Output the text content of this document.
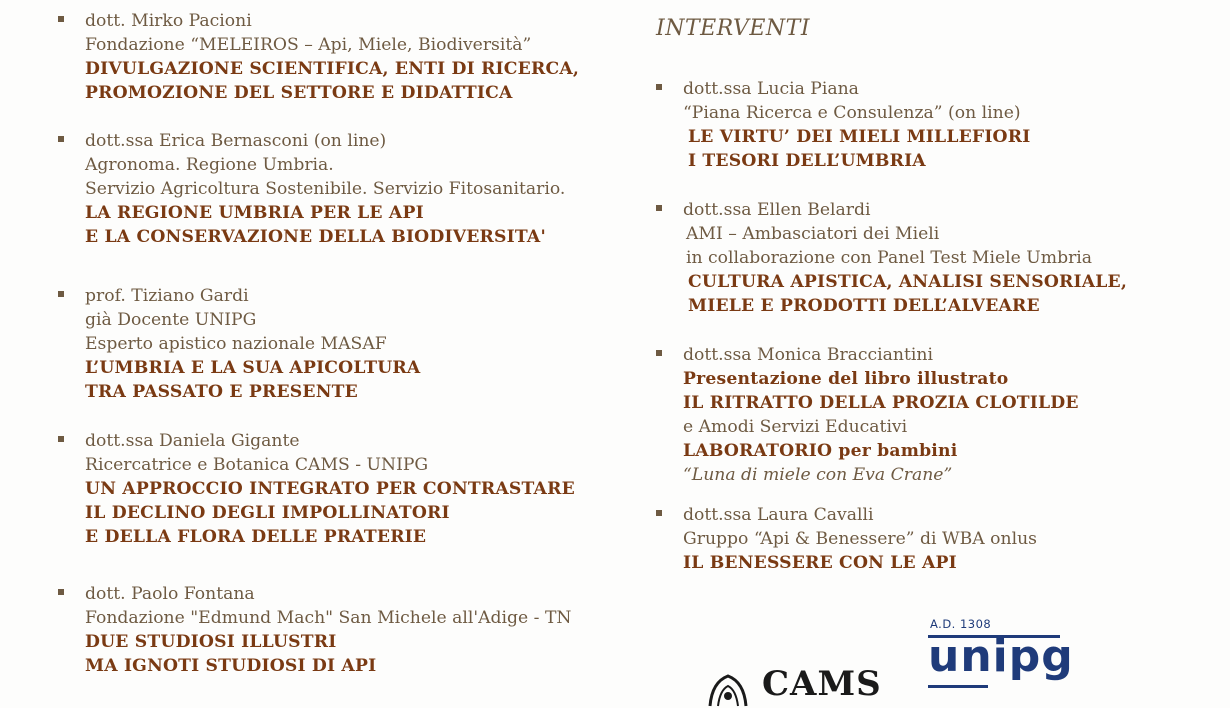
dott. Mirko Pacioni
Fondazione “MELEIROS – Api, Miele, Biodiversità”
DIVULGAZIONE SCIENTIFICA, ENTI DI RICERCA,
PROMOZIONE DEL SETTORE E DIDATTICA
dott.ssa Erica Bernasconi (on line)
Agronoma. Regione Umbria.
Servizio Agricoltura Sostenibile. Servizio Fitosanitario.
LA REGIONE UMBRIA PER LE API
E LA CONSERVAZIONE DELLA BIODIVERSITA'
prof. Tiziano Gardi
già Docente UNIPG
Esperto apistico nazionale MASAF
L’UMBRIA E LA SUA APICOLTURA
TRA PASSATO E PRESENTE
dott.ssa Daniela Gigante
Ricercatrice e Botanica CAMS - UNIPG
UN APPROCCIO INTEGRATO PER CONTRASTARE
IL DECLINO DEGLI IMPOLLINATORI
E DELLA FLORA DELLE PRATERIE
dott. Paolo Fontana
Fondazione "Edmund Mach" San Michele all'Adige - TN
DUE STUDIOSI ILLUSTRI
MA IGNOTI STUDIOSI DI API
INTERVENTI
dott.ssa Lucia Piana
“Piana Ricerca e Consulenza” (on line)
LE VIRTU’ DEI MIELI MILLEFIORI
I TESORI DELL’UMBRIA
dott.ssa Ellen Belardi
AMI – Ambasciatori dei Mieli
in collaborazione con Panel Test Miele Umbria
CULTURA APISTICA, ANALISI SENSORIALE,
MIELE E PRODOTTI DELL’ALVEARE
dott.ssa Monica Bracciantini
Presentazione del libro illustrato
IL RITRATTO DELLA PROZIA CLOTILDE
e Amodi Servizi Educativi
LABORATORIO per bambini
“Luna di miele con Eva Crane”
dott.ssa Laura Cavalli
Gruppo “Api & Benessere” di WBA onlus
IL BENESSERE CON LE API
CAMS
A.D. 1308
unipg
